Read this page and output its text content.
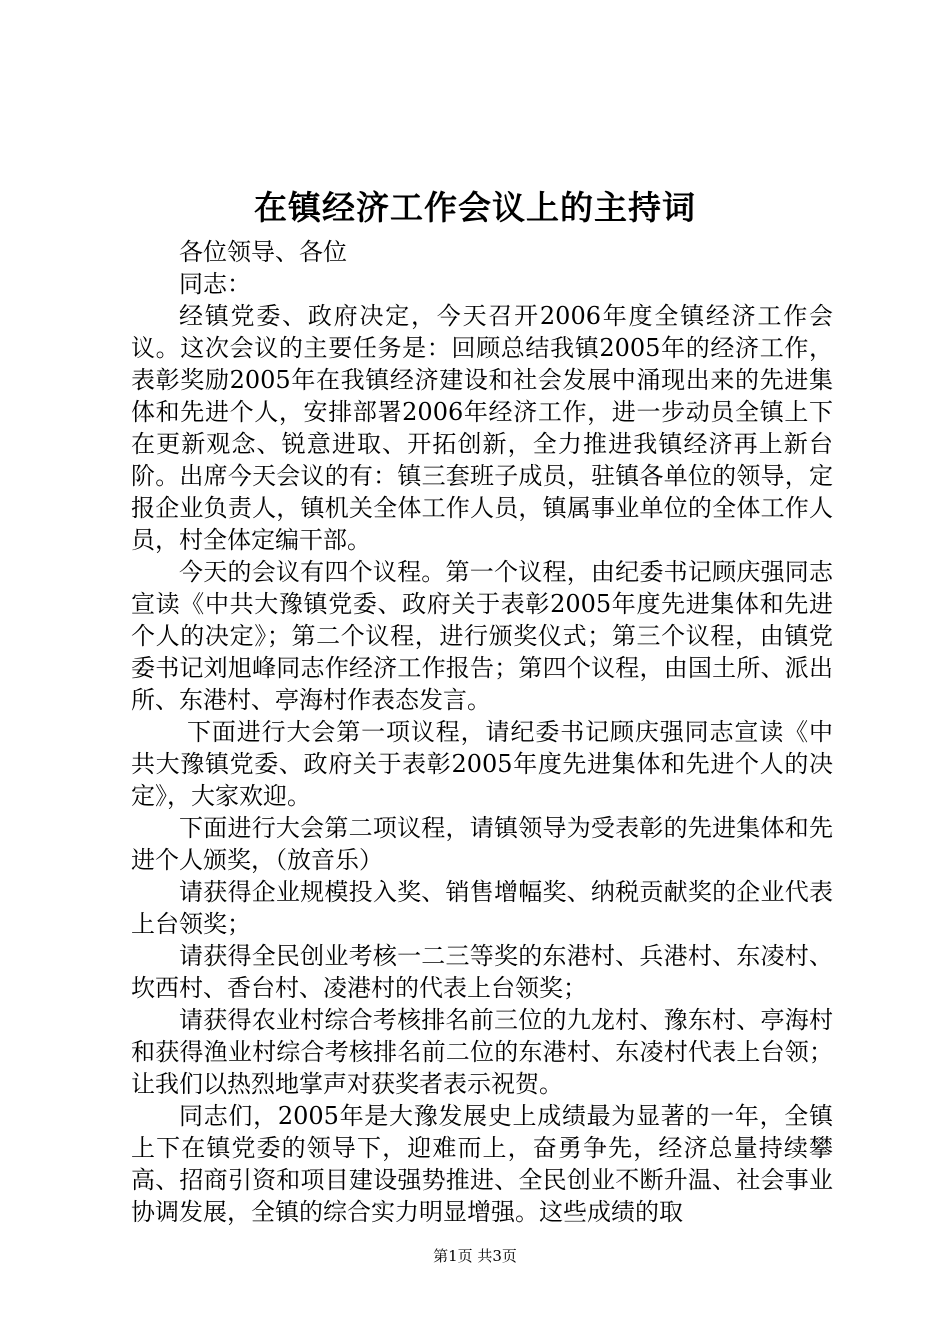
在镇经济工作会议上的主持词

各位领导、各位

同志：

经镇党委、政府决定，今天召开2006年度全镇经济工作会议。这次会议的主要任务是：回顾总结我镇2005年的经济工作，表彰奖励2005年在我镇经济建设和社会发展中涌现出来的先进集体和先进个人，安排部署2006年经济工作，进一步动员全镇上下在更新观念、锐意进取、开拓创新，全力推进我镇经济再上新台阶。出席今天会议的有：镇三套班子成员，驻镇各单位的领导，定报企业负责人，镇机关全体工作人员，镇属事业单位的全体工作人员，村全体定编干部。

今天的会议有四个议程。第一个议程，由纪委书记顾庆强同志宣读《中共大豫镇党委、政府关于表彰2005年度先进集体和先进个人的决定》；第二个议程，进行颁奖仪式；第三个议程，由镇党委书记刘旭峰同志作经济工作报告；第四个议程，由国土所、派出所、东港村、亭海村作表态发言。

下面进行大会第一项议程，请纪委书记顾庆强同志宣读《中共大豫镇党委、政府关于表彰2005年度先进集体和先进个人的决定》，大家欢迎。

下面进行大会第二项议程，请镇领导为受表彰的先进集体和先进个人颁奖，（放音乐）

请获得企业规模投入奖、销售增幅奖、纳税贡献奖的企业代表上台领奖；

请获得全民创业考核一二三等奖的东港村、兵港村、东凌村、坎西村、香台村、凌港村的代表上台领奖；

请获得农业村综合考核排名前三位的九龙村、豫东村、亭海村和获得渔业村综合考核排名前二位的东港村、东凌村代表上台领；让我们以热烈地掌声对获奖者表示祝贺。

同志们，2005年是大豫发展史上成绩最为显著的一年，全镇上下在镇党委的领导下，迎难而上，奋勇争先，经济总量持续攀高、招商引资和项目建设强势推进、全民创业不断升温、社会事业协调发展，全镇的综合实力明显增强。这些成绩的取

第1页 共3页
